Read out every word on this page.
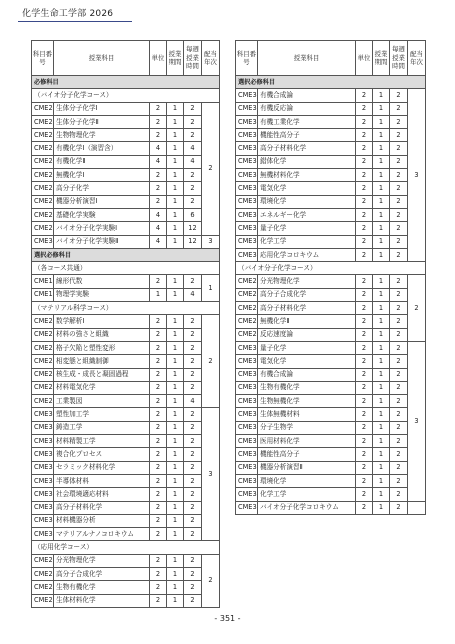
化学生命工学部 2026
科目番号	授業科目	単位	授業期間	毎週授業時間	配当年次
必修科目					
（バイオ分子化学コース）					
CME2	生体分子化学Ⅰ	2	1	2	2
CME2	生体分子化学Ⅱ	2	1	2	
CME2	生物物理化学	2	1	2	
CME2	有機化学Ⅰ（演習含）	4	1	4	
CME2	有機化学Ⅱ	4	1	4	
CME2	無機化学Ⅰ	2	1	2	
CME2	高分子化学	2	1	2	
CME2	機器分析演習Ⅰ	2	1	2	
CME2	基礎化学実験	4	1	6	
CME2	バイオ分子化学実験Ⅰ	4	1	12	
CME3	バイオ分子化学実験Ⅱ	4	1	12	3
選択必修科目					
（各コース共通）					
CME1	線形代数	2	1	2	1
CME1	物理学実験	1	1	4	
（マテリアル科学コース）					
CME2	数学解析Ⅰ	2	1	2	2
CME2	材料の強さと組織	2	1	2	
CME2	格子欠陥と塑性変形	2	1	2	
CME2	相変態と組織制御	2	1	2	
CME2	核生成・成長と凝固過程	2	1	2	
CME2	材料電気化学	2	1	2	
CME2	工業製図	2	1	4	
CME3	塑性加工学	2	1	2	3
CME3	鋳造工学	2	1	2	
CME3	材料精製工学	2	1	2	
CME3	複合化プロセス	2	1	2	
CME3	セラミック材料化学	2	1	2	
CME3	半導体材料	2	1	2	
CME3	社会環境適応材料	2	1	2	
CME3	高分子材料化学	2	1	2	
CME3	材料機器分析	2	1	2	
CME3	マテリアルナノコロキウム	2	1	2	
（応用化学コース）					
CME2	分光物理化学	2	1	2	2
CME2	高分子合成化学	2	1	2	
CME2	生物有機化学	2	1	2	
CME2	生体材料化学	2	1	2	
科目番号	授業科目	単位	授業期間	毎週授業時間	配当年次
選択必修科目					
CME3	有機合成論	2	1	2	3
CME3	有機反応論	2	1	2	
CME3	有機工業化学	2	1	2	
CME3	機能性高分子	2	1	2	
CME3	高分子材料化学	2	1	2	
CME3	錯体化学	2	1	2	
CME3	無機材料化学	2	1	2	
CME3	電気化学	2	1	2	
CME3	環境化学	2	1	2	
CME3	エネルギー化学	2	1	2	
CME3	量子化学	2	1	2	
CME3	化学工学	2	1	2	
CME3	応用化学コロキウム	2	1	2	
（バイオ分子化学コース）					
CME2	分光物理化学	2	1	2	2
CME2	高分子合成化学	2	1	2	
CME2	高分子材料化学	2	1	2	
CME2	無機化学Ⅱ	2	1	2	
CME2	反応速度論	2	1	2	
CME3	量子化学	2	1	2	3
CME3	電気化学	2	1	2	
CME3	有機合成論	2	1	2	
CME3	生物有機化学	2	1	2	
CME3	生物無機化学	2	1	2	
CME3	生体無機材料	2	1	2	
CME3	分子生物学	2	1	2	
CME3	医用材料化学	2	1	2	
CME3	機能性高分子	2	1	2	
CME3	機器分析演習Ⅱ	2	1	2	
CME3	環境化学	2	1	2	
CME3	化学工学	2	1	2	
CME3	バイオ分子化学コロキウム	2	1	2	
- 351 -
